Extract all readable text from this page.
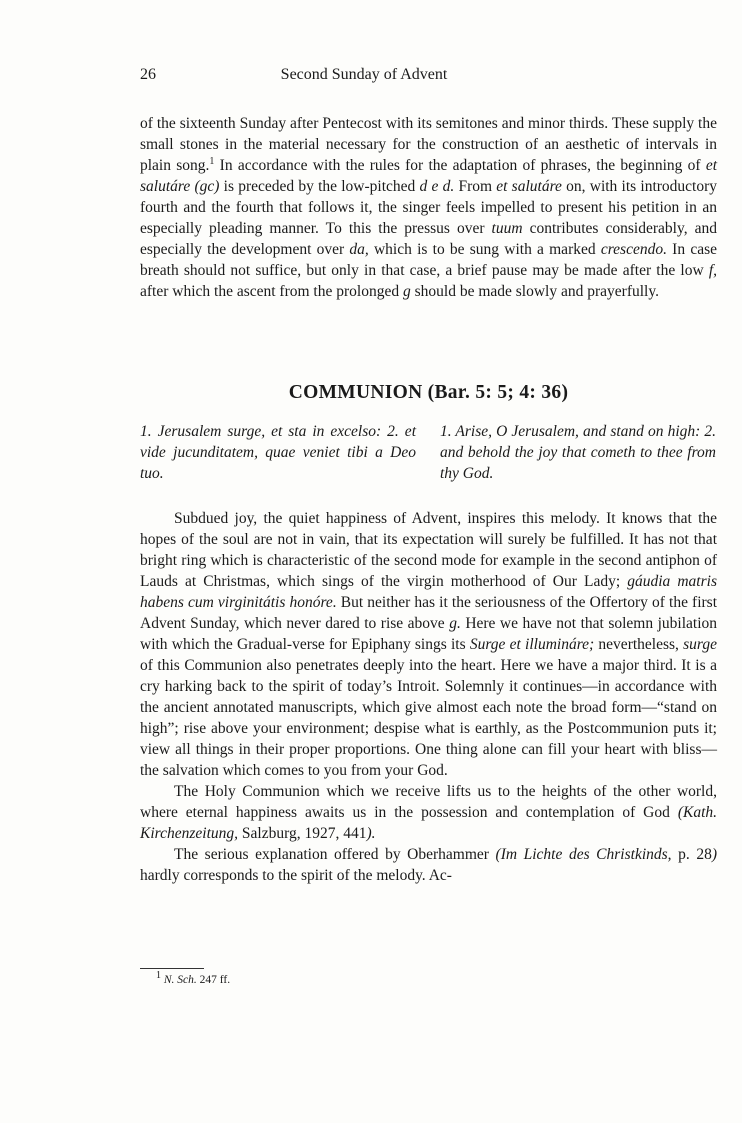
26	Second Sunday of Advent

of the sixteenth Sunday after Pentecost with its semitones and minor thirds. These supply the small stones in the material necessary for the construction of an aesthetic of intervals in plain song.$^1$ In accordance with the rules for the adaptation of phrases, the beginning of et salutáre (gc) is preceded by the low-pitched d e d. From et salutáre on, with its introductory fourth and the fourth that follows it, the singer feels impelled to present his petition in an especially pleading manner. To this the pressus over tuum contributes considerably, and especially the development over da, which is to be sung with a marked crescendo. In case breath should not suffice, but only in that case, a brief pause may be made after the low f, after which the ascent from the prolonged g should be made slowly and prayerfully.

COMMUNION (Bar. 5: 5; 4: 36)
1. Jerusalem surge, et sta in excelso: 2. et vide jucunditatem, quae veniet tibi a Deo tuo.
1. Arise, O Jerusalem, and stand on high: 2. and behold the joy that cometh to thee from thy God.

Subdued joy, the quiet happiness of Advent, inspires this melody. It knows that the hopes of the soul are not in vain, that its expectation will surely be fulfilled. It has not that bright ring which is characteristic of the second mode for example in the second antiphon of Lauds at Christmas, which sings of the virgin motherhood of Our Lady; gáudia matris habens cum virginitátis honóre. But neither has it the seriousness of the Offertory of the first Advent Sunday, which never dared to rise above g. Here we have not that solemn jubilation with which the Gradual-verse for Epiphany sings its Surge et illumináre; nevertheless, surge of this Communion also penetrates deeply into the heart. Here we have a major third. It is a cry harking back to the spirit of today’s Introit. Solemnly it continues—in accordance with the ancient annotated manuscripts, which give almost each note the broad form—“stand on high”; rise above your environment; despise what is earthly, as the Postcommunion puts it; view all things in their proper proportions. One thing alone can fill your heart with bliss—the salvation which comes to you from your God.

The Holy Communion which we receive lifts us to the heights of the other world, where eternal happiness awaits us in the possession and contemplation of God (Kath. Kirchenzeitung, Salzburg, 1927, 441).

The serious explanation offered by Oberhammer (Im Lichte des Christkinds, p. 28) hardly corresponds to the spirit of the melody. Ac-

$^1$ N. Sch. 247 ff.
